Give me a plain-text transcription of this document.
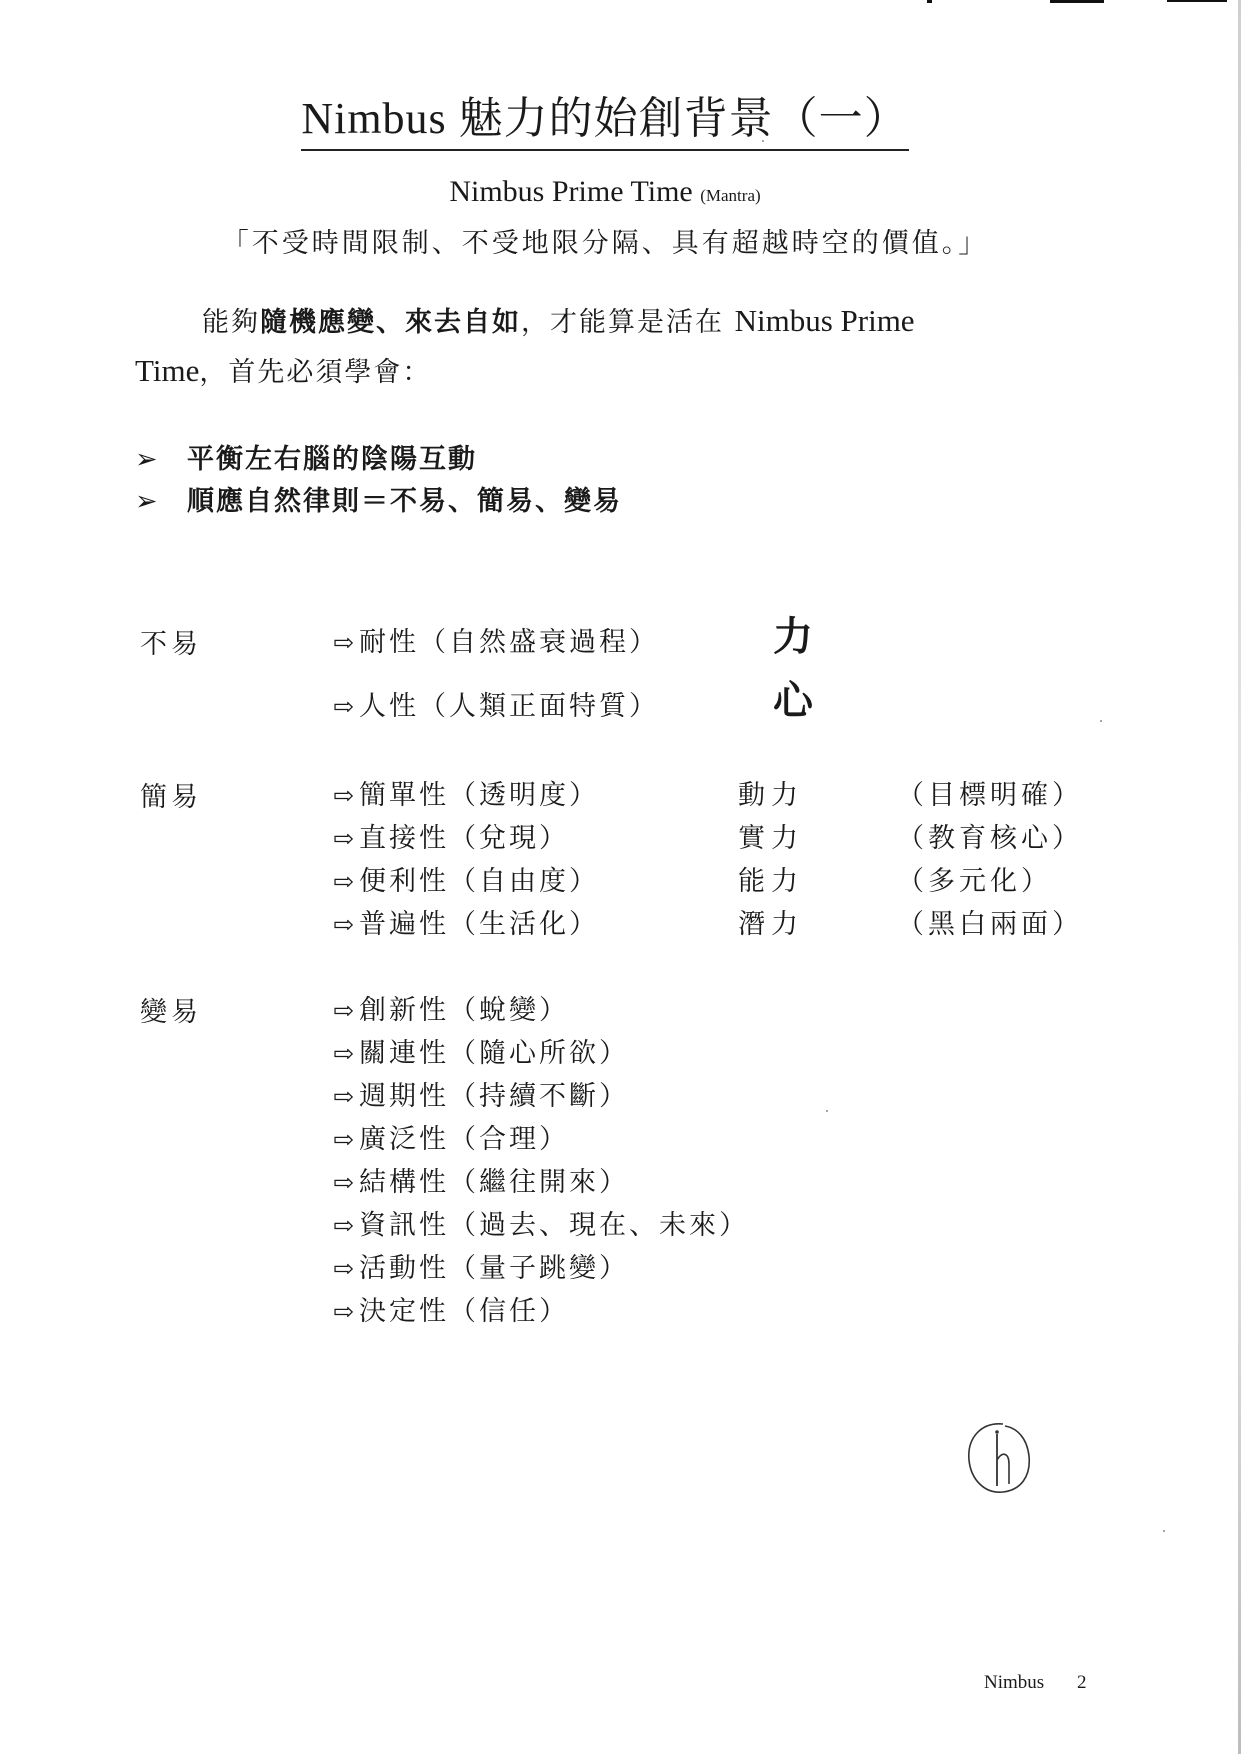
Nimbus 魅力的始創背景（一）
Nimbus Prime Time (Mantra)
「不受時間限制、不受地限分隔、具有超越時空的價值。」
能夠隨機應變、來去自如，才能算是活在 Nimbus Prime
Time，首先必須學會：
➢ 平衡左右腦的陰陽互動
➢ 順應自然律則＝不易、簡易、變易
不易	⇨耐性（自然盛衰過程）	力
⇨人性（人類正面特質）	心
簡易	⇨簡單性（透明度）	動力	（目標明確）
⇨直接性（兌現）	實力	（教育核心）
⇨便利性（自由度）	能力	（多元化）
⇨普遍性（生活化）	潛力	（黑白兩面）
變易	⇨創新性（蛻變）
⇨關連性（隨心所欲）
⇨週期性（持續不斷）
⇨廣泛性（合理）
⇨結構性（繼往開來）
⇨資訊性（過去、現在、未來）
⇨活動性（量子跳變）
⇨決定性（信任）
Nimbus 2
